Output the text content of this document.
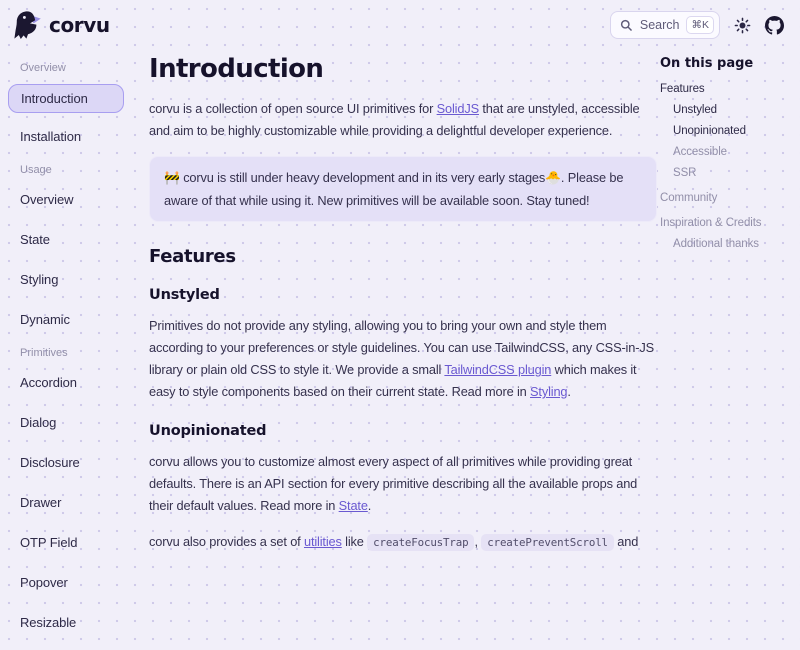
corvu	Search	⌘K
Overview
Introduction
Installation
Usage
Overview
State
Styling
Dynamic
Primitives
Accordion
Dialog
Disclosure
Drawer
OTP Field
Popover
Resizable
Introduction

corvu is a collection of open source UI primitives for SolidJS that are unstyled, accessible and aim to be highly customizable while providing a delightful developer experience.

🚧 corvu is still under heavy development and in its very early stages🐣. Please be aware of that while using it. New primitives will be available soon. Stay tuned!
Features
Unstyled

Primitives do not provide any styling, allowing you to bring your own and style them according to your preferences or style guidelines. You can use TailwindCSS, any CSS-in-JS library or plain old CSS to style it. We provide a small TailwindCSS plugin which makes it easy to style components based on their current state. Read more in Styling.

Unopinionated

corvu allows you to customize almost every aspect of all primitives while providing great defaults. There is an API section for every primitive describing all the available props and their default values. Read more in State.

corvu also provides a set of utilities like createFocusTrap , createPreventScroll and

On this page
Features
Unstyled
Unopinionated
Accessible
SSR
Community
Inspiration & Credits
Additional thanks
